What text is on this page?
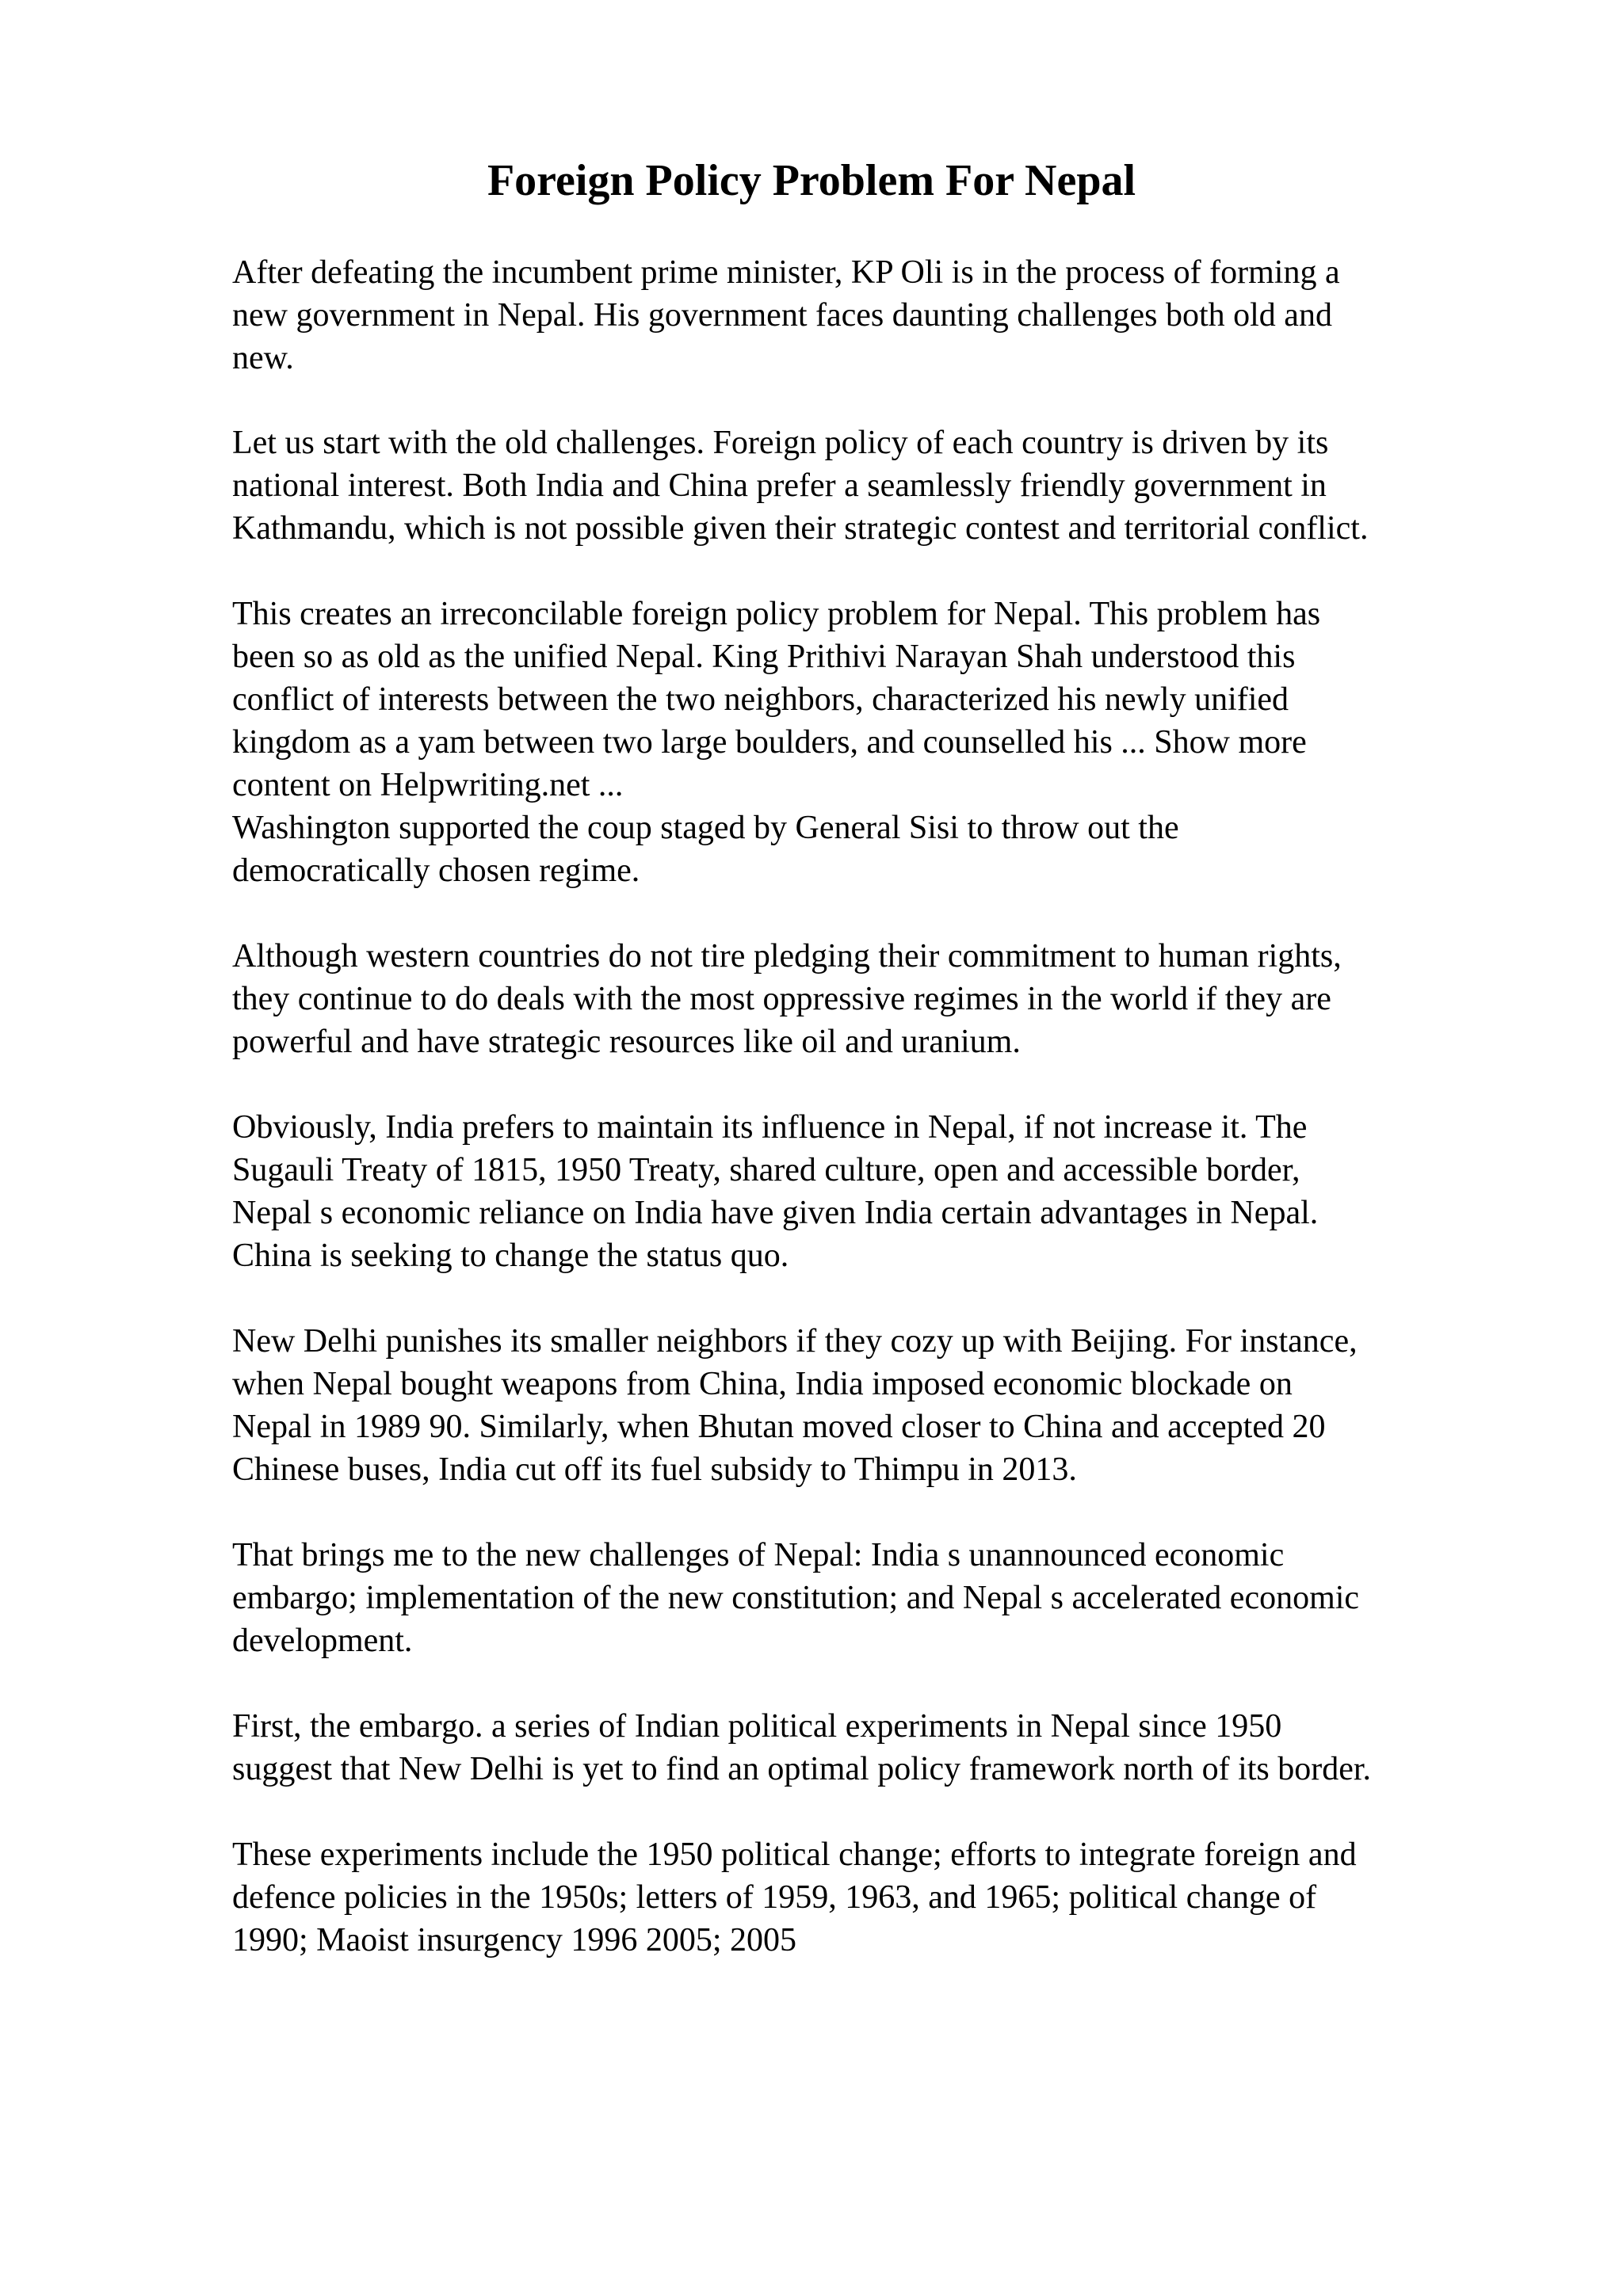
Foreign Policy Problem For Nepal

After defeating the incumbent prime minister, KP Oli is in the process of forming a
new government in Nepal. His government faces daunting challenges both old and
new.

Let us start with the old challenges. Foreign policy of each country is driven by its
national interest. Both India and China prefer a seamlessly friendly government in
Kathmandu, which is not possible given their strategic contest and territorial conflict.

This creates an irreconcilable foreign policy problem for Nepal. This problem has
been so as old as the unified Nepal. King Prithivi Narayan Shah understood this
conflict of interests between the two neighbors, characterized his newly unified
kingdom as a yam between two large boulders, and counselled his ... Show more
content on Helpwriting.net ...
Washington supported the coup staged by General Sisi to throw out the
democratically chosen regime.

Although western countries do not tire pledging their commitment to human rights,
they continue to do deals with the most oppressive regimes in the world if they are
powerful and have strategic resources like oil and uranium.

Obviously, India prefers to maintain its influence in Nepal, if not increase it. The
Sugauli Treaty of 1815, 1950 Treaty, shared culture, open and accessible border,
Nepal s economic reliance on India have given India certain advantages in Nepal.
China is seeking to change the status quo.

New Delhi punishes its smaller neighbors if they cozy up with Beijing. For instance,
when Nepal bought weapons from China, India imposed economic blockade on
Nepal in 1989 90. Similarly, when Bhutan moved closer to China and accepted 20
Chinese buses, India cut off its fuel subsidy to Thimpu in 2013.

That brings me to the new challenges of Nepal: India s unannounced economic
embargo; implementation of the new constitution; and Nepal s accelerated economic
development.

First, the embargo. a series of Indian political experiments in Nepal since 1950
suggest that New Delhi is yet to find an optimal policy framework north of its border.

These experiments include the 1950 political change; efforts to integrate foreign and
defence policies in the 1950s; letters of 1959, 1963, and 1965; political change of
1990; Maoist insurgency 1996 2005; 2005
